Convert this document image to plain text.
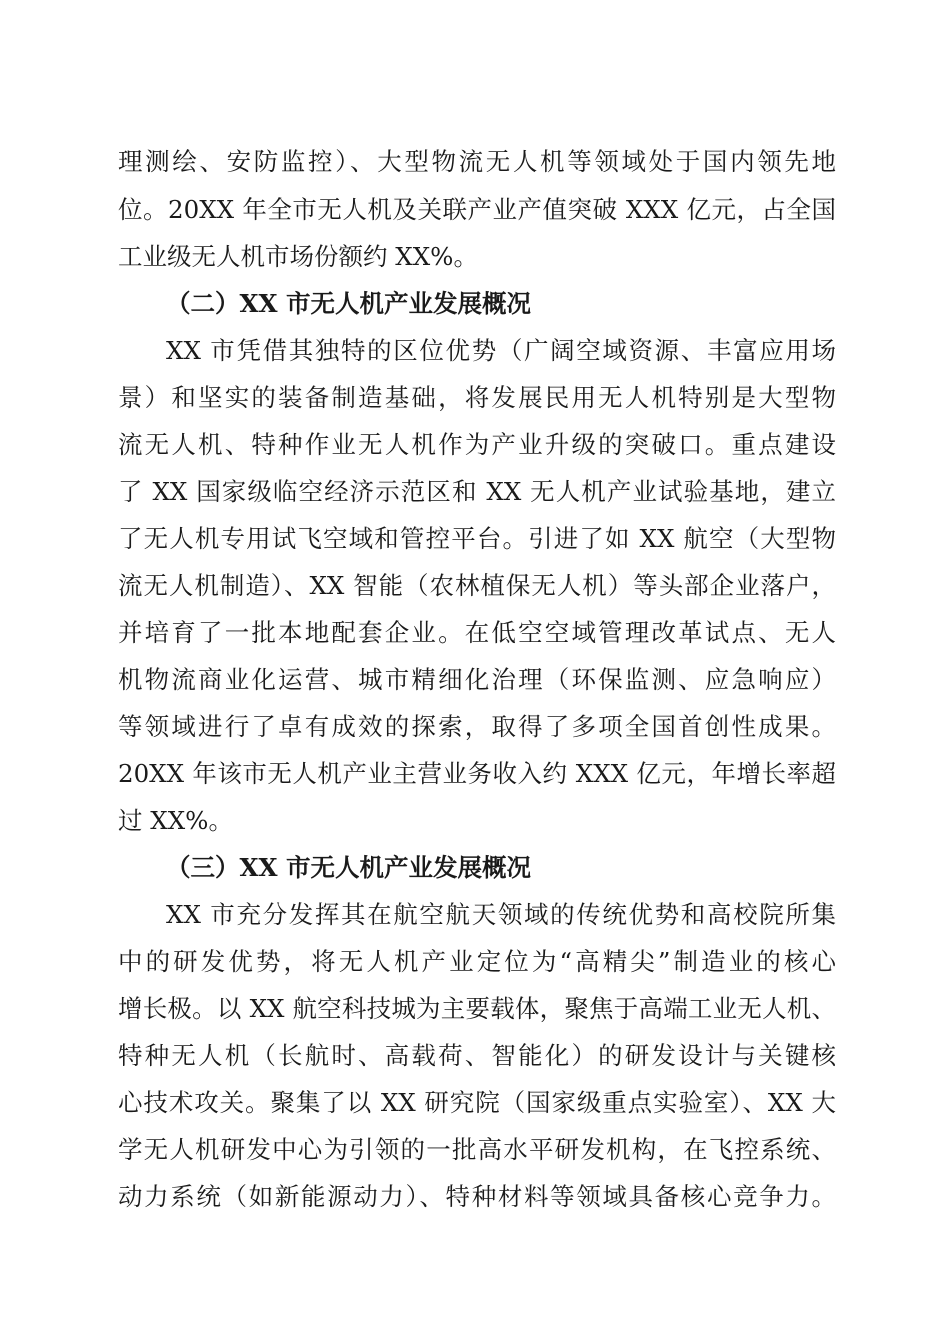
理测绘、安防监控）、大型物流无人机等领域处于国内领先地
位。20XX 年全市无人机及关联产业产值突破 XXX 亿元，占全国
工业级无人机市场份额约 XX%。
（二）XX 市无人机产业发展概况
XX 市凭借其独特的区位优势（广阔空域资源、丰富应用场
景）和坚实的装备制造基础，将发展民用无人机特别是大型物
流无人机、特种作业无人机作为产业升级的突破口。重点建设
了 XX 国家级临空经济示范区和 XX 无人机产业试验基地，建立
了无人机专用试飞空域和管控平台。引进了如 XX 航空（大型物
流无人机制造）、XX 智能（农林植保无人机）等头部企业落户，
并培育了一批本地配套企业。在低空空域管理改革试点、无人
机物流商业化运营、城市精细化治理（环保监测、应急响应）
等领域进行了卓有成效的探索，取得了多项全国首创性成果。
20XX 年该市无人机产业主营业务收入约 XXX 亿元，年增长率超
过 XX%。
（三）XX 市无人机产业发展概况
XX 市充分发挥其在航空航天领域的传统优势和高校院所集
中的研发优势，将无人机产业定位为“高精尖”制造业的核心
增长极。以 XX 航空科技城为主要载体，聚焦于高端工业无人机、
特种无人机（长航时、高载荷、智能化）的研发设计与关键核
心技术攻关。聚集了以 XX 研究院（国家级重点实验室）、XX 大
学无人机研发中心为引领的一批高水平研发机构，在飞控系统、
动力系统（如新能源动力）、特种材料等领域具备核心竞争力。
